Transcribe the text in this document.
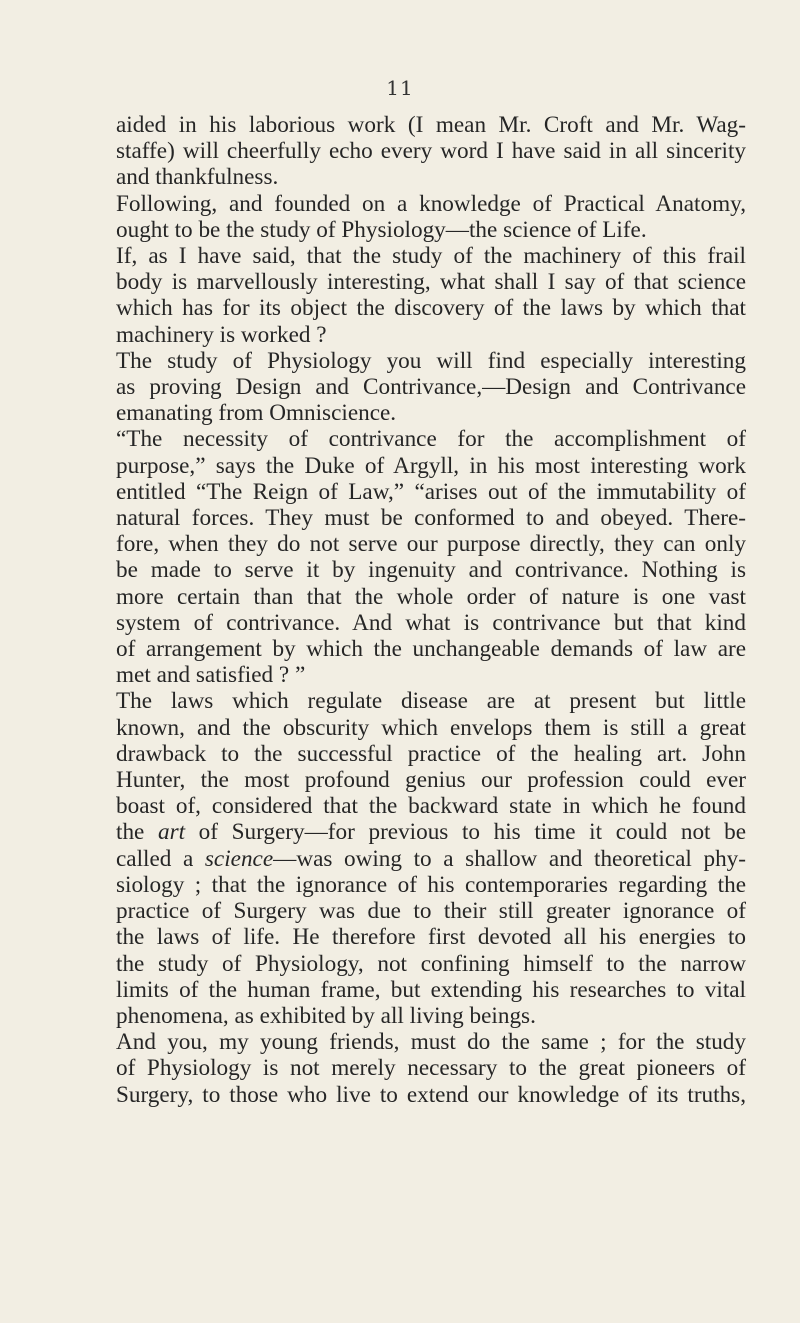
11

aided in his laborious work (I mean Mr. Croft and Mr. Wag-
staffe) will cheerfully echo every word I have said in all sincerity
and thankfulness.

Following, and founded on a knowledge of Practical Anatomy,
ought to be the study of Physiology—the science of Life.

If, as I have said, that the study of the machinery of this frail
body is marvellously interesting, what shall I say of that science
which has for its object the discovery of the laws by which that
machinery is worked ?

The study of Physiology you will find especially interesting
as proving Design and Contrivance,—Design and Contrivance
emanating from Omniscience.

“The necessity of contrivance for the accomplishment of
purpose,” says the Duke of Argyll, in his most interesting work
entitled “The Reign of Law,” “arises out of the immutability of
natural forces. They must be conformed to and obeyed. There-
fore, when they do not serve our purpose directly, they can only
be made to serve it by ingenuity and contrivance. Nothing is
more certain than that the whole order of nature is one vast
system of contrivance. And what is contrivance but that kind
of arrangement by which the unchangeable demands of law are
met and satisfied ? ”

The laws which regulate disease are at present but little
known, and the obscurity which envelops them is still a great
drawback to the successful practice of the healing art. John
Hunter, the most profound genius our profession could ever
boast of, considered that the backward state in which he found
the art of Surgery—for previous to his time it could not be
called a science—was owing to a shallow and theoretical phy-
siology ; that the ignorance of his contemporaries regarding the
practice of Surgery was due to their still greater ignorance of
the laws of life. He therefore first devoted all his energies to
the study of Physiology, not confining himself to the narrow
limits of the human frame, but extending his researches to vital
phenomena, as exhibited by all living beings.

And you, my young friends, must do the same ; for the study
of Physiology is not merely necessary to the great pioneers of
Surgery, to those who live to extend our knowledge of its truths,
